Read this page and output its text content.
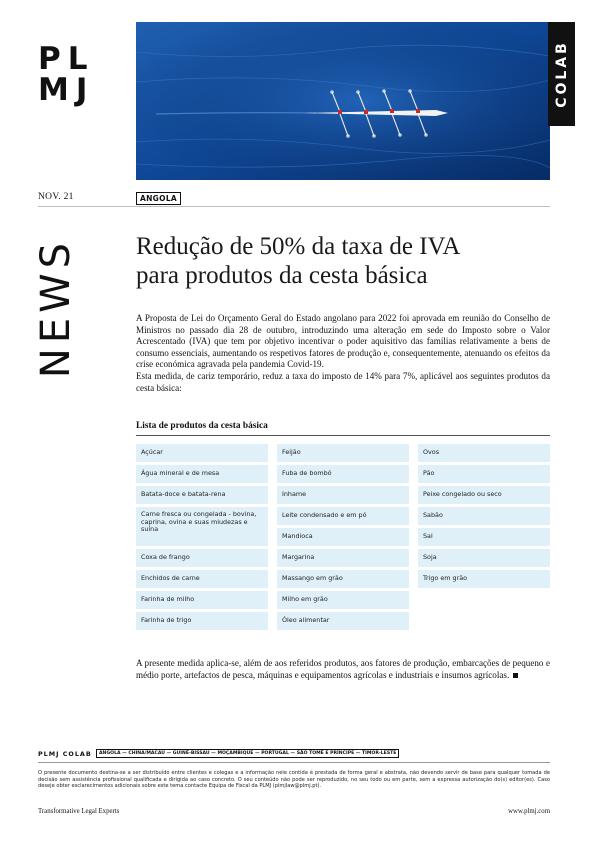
PL
MJ	COLAB
NOV. 21	ANGOLA
NEWS Redução de 50% da taxa de IVA
para produtos da cesta básica

A Proposta de Lei do Orçamento Geral do Estado angolano para 2022 foi aprovada em reunião do Conselho de Ministros no passado dia 28 de outubro, introduzindo uma alteração em sede do Imposto sobre o Valor Acrescentado (IVA) que tem por objetivo incentivar o poder aquisitivo das famílias relativamente a bens de consumo essenciais, aumentando os respetivos fatores de produção e, consequentemente, atenuando os efeitos da crise económica agravada pela pandemia Covid-19.

Esta medida, de cariz temporário, reduz a taxa do imposto de 14% para 7%, aplicável aos seguintes produtos da cesta básica:

Lista de produtos da cesta básica
Açúcar
Água mineral e de mesa
Batata-doce e batata-rena
Carne fresca ou congelada - bovina, caprina, ovina e suas miudezas e suína
Coxa de frango
Enchidos de carne
Farinha de milho
Farinha de trigo
Feijão
Fuba de bombó
Inhame
Leite condensado e em pó
Mandioca
Margarina
Massango em grão
Milho em grão
Óleo alimentar
Ovos
Pão
Peixe congelado ou seco
Sabão
Sal
Soja
Trigo em grão

A presente medida aplica-se, além de aos referidos produtos, aos fatores de produção, embarcações de pequeno e médio porte, artefactos de pesca, máquinas e equipamentos agrícolas e industriais e insumos agrícolas.

PLMJ COLAB	ANGOLA — CHINA/MACAU — GUINÉ-BISSAU — MOÇAMBIQUE — PORTUGAL — SÃO TOMÉ E PRÍNCIPE — TIMOR-LESTE

O presente documento destina-se a ser distribuído entre clientes e colegas e a informação nele contida é prestada de forma geral e abstrata, não devendo servir de base para qualquer tomada de decisão sem assistência profissional qualificada e dirigida ao caso concreto. O seu conteúdo não pode ser reproduzido, no seu todo ou em parte, sem a expressa autorização do(s) editor(es). Caso deseje obter esclarecimentos adicionais sobre este tema contacte Equipa de Fiscal da PLMJ (plmjlaw@plmj.pt).

Transformative Legal Experts	www.plmj.com
